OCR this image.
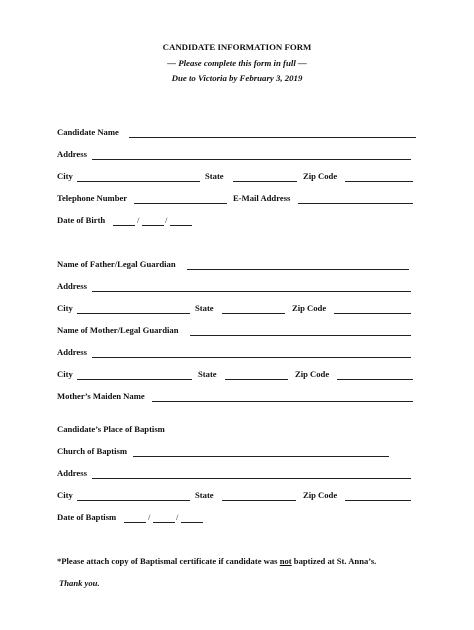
CANDIDATE INFORMATION FORM
— Please complete this form in full —
Due to Victoria by February 3, 2019
Candidate Name
Address
City	State	Zip Code
Telephone Number	E-Mail Address
Date of Birth	/	/
Name of Father/Legal Guardian
Address
City	State	Zip Code
Name of Mother/Legal Guardian
Address
City	State	Zip Code
Mother’s Maiden Name
Candidate’s Place of Baptism
Church of Baptism
Address
City	State	Zip Code
Date of Baptism	/	/
*Please attach copy of Baptismal certificate if candidate was not baptized at St. Anna’s.
Thank you.
